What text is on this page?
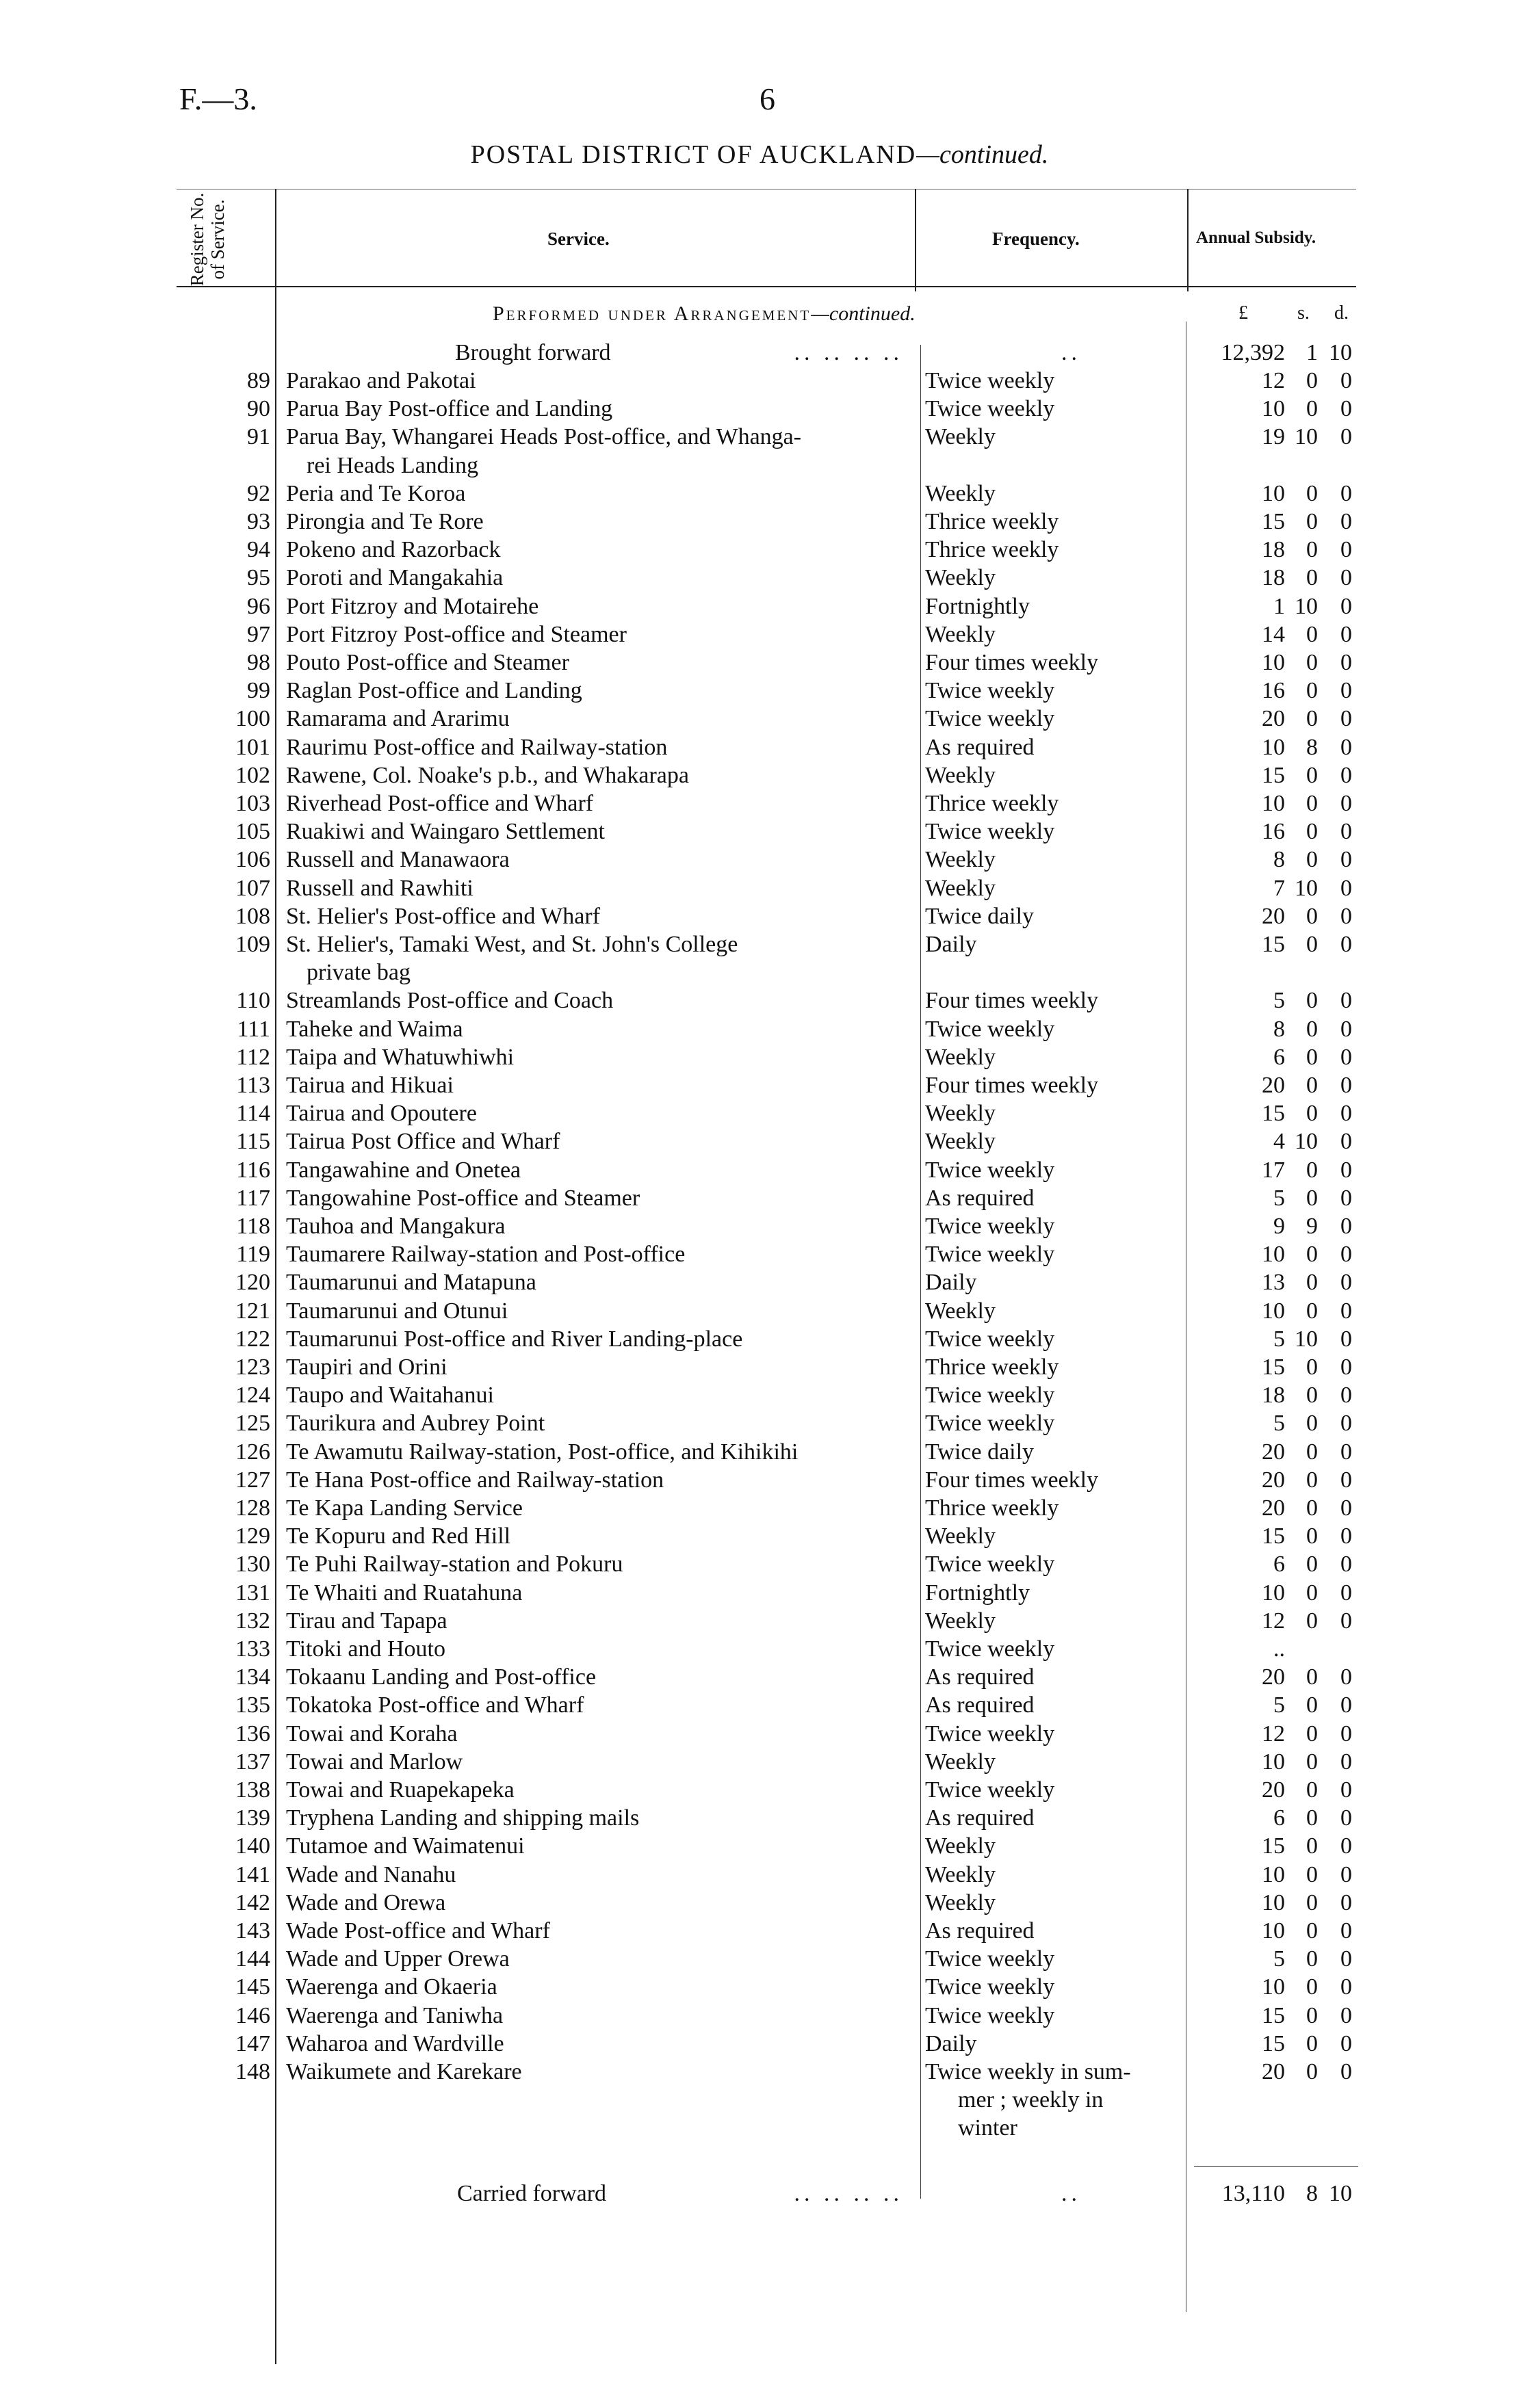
F.—3.	6
POSTAL DISTRICT OF AUCKLAND—continued.
Register No. of Service.	Service.	Frequency.	Annual Subsidy.
Performed under Arrangement—continued.	£	s. d.
Brought forward	.. .. .. ..	..	12,392 1 10
89 Parakao and Pakotai	Twice weekly	12 0 0
90 Parua Bay Post-office and Landing	Twice weekly	10 0 0
91 Parua Bay, Whangarei Heads Post-office, and Whanga-	Weekly	19 10 0
rei Heads Landing
92 Peria and Te Koroa	Weekly	10 0 0
93 Pirongia and Te Rore	Thrice weekly	15 0 0
94 Pokeno and Razorback	Thrice weekly	18 0 0
95 Poroti and Mangakahia	Weekly	18 0 0
96 Port Fitzroy and Motairehe	Fortnightly	1 10 0
97 Port Fitzroy Post-office and Steamer	Weekly	14 0 0
98 Pouto Post-office and Steamer	Four times weekly	10 0 0
99 Raglan Post-office and Landing	Twice weekly	16 0 0
100 Ramarama and Ararimu	Twice weekly	20 0 0
101 Raurimu Post-office and Railway-station	As required	10 8 0
102 Rawene, Col. Noake's p.b., and Whakarapa	Weekly	15 0 0
103 Riverhead Post-office and Wharf	Thrice weekly	10 0 0
105 Ruakiwi and Waingaro Settlement	Twice weekly	16 0 0
106 Russell and Manawaora	Weekly	8 0 0
107 Russell and Rawhiti	Weekly	7 10 0
108 St. Helier's Post-office and Wharf	Twice daily	20 0 0
109 St. Helier's, Tamaki West, and St. John's College	Daily	15 0 0
private bag
110 Streamlands Post-office and Coach	Four times weekly	5 0 0
111 Taheke and Waima	Twice weekly	8 0 0
112 Taipa and Whatuwhiwhi	Weekly	6 0 0
113 Tairua and Hikuai	Four times weekly	20 0 0
114 Tairua and Opoutere	Weekly	15 0 0
115 Tairua Post Office and Wharf	Weekly	4 10 0
116 Tangawahine and Onetea	Twice weekly	17 0 0
117 Tangowahine Post-office and Steamer	As required	5 0 0
118 Tauhoa and Mangakura	Twice weekly	9 9 0
119 Taumarere Railway-station and Post-office	Twice weekly	10 0 0
120 Taumarunui and Matapuna	Daily	13 0 0
121 Taumarunui and Otunui	Weekly	10 0 0
122 Taumarunui Post-office and River Landing-place	Twice weekly	5 10 0
123 Taupiri and Orini	Thrice weekly	15 0 0
124 Taupo and Waitahanui	Twice weekly	18 0 0
125 Taurikura and Aubrey Point	Twice weekly	5 0 0
126 Te Awamutu Railway-station, Post-office, and Kihikihi	Twice daily	20 0 0
127 Te Hana Post-office and Railway-station	Four times weekly	20 0 0
128 Te Kapa Landing Service	Thrice weekly	20 0 0
129 Te Kopuru and Red Hill	Weekly	15 0 0
130 Te Puhi Railway-station and Pokuru	Twice weekly	6 0 0
131 Te Whaiti and Ruatahuna	Fortnightly	10 0 0
132 Tirau and Tapapa	Weekly	12 0 0
133 Titoki and Houto	Twice weekly	..
134 Tokaanu Landing and Post-office	As required	20 0 0
135 Tokatoka Post-office and Wharf	As required	5 0 0
136 Towai and Koraha	Twice weekly	12 0 0
137 Towai and Marlow	Weekly	10 0 0
138 Towai and Ruapekapeka	Twice weekly	20 0 0
139 Tryphena Landing and shipping mails	As required	6 0 0
140 Tutamoe and Waimatenui	Weekly	15 0 0
141 Wade and Nanahu	Weekly	10 0 0
142 Wade and Orewa	Weekly	10 0 0
143 Wade Post-office and Wharf	As required	10 0 0
144 Wade and Upper Orewa	Twice weekly	5 0 0
145 Waerenga and Okaeria	Twice weekly	10 0 0
146 Waerenga and Taniwha	Twice weekly	15 0 0
147 Waharoa and Wardville	Daily	15 0 0
148 Waikumete and Karekare	Twice weekly in sum-	20 0 0
mer ; weekly in
winter
Carried forward	.. .. .. ..	..	13,110 8 10
